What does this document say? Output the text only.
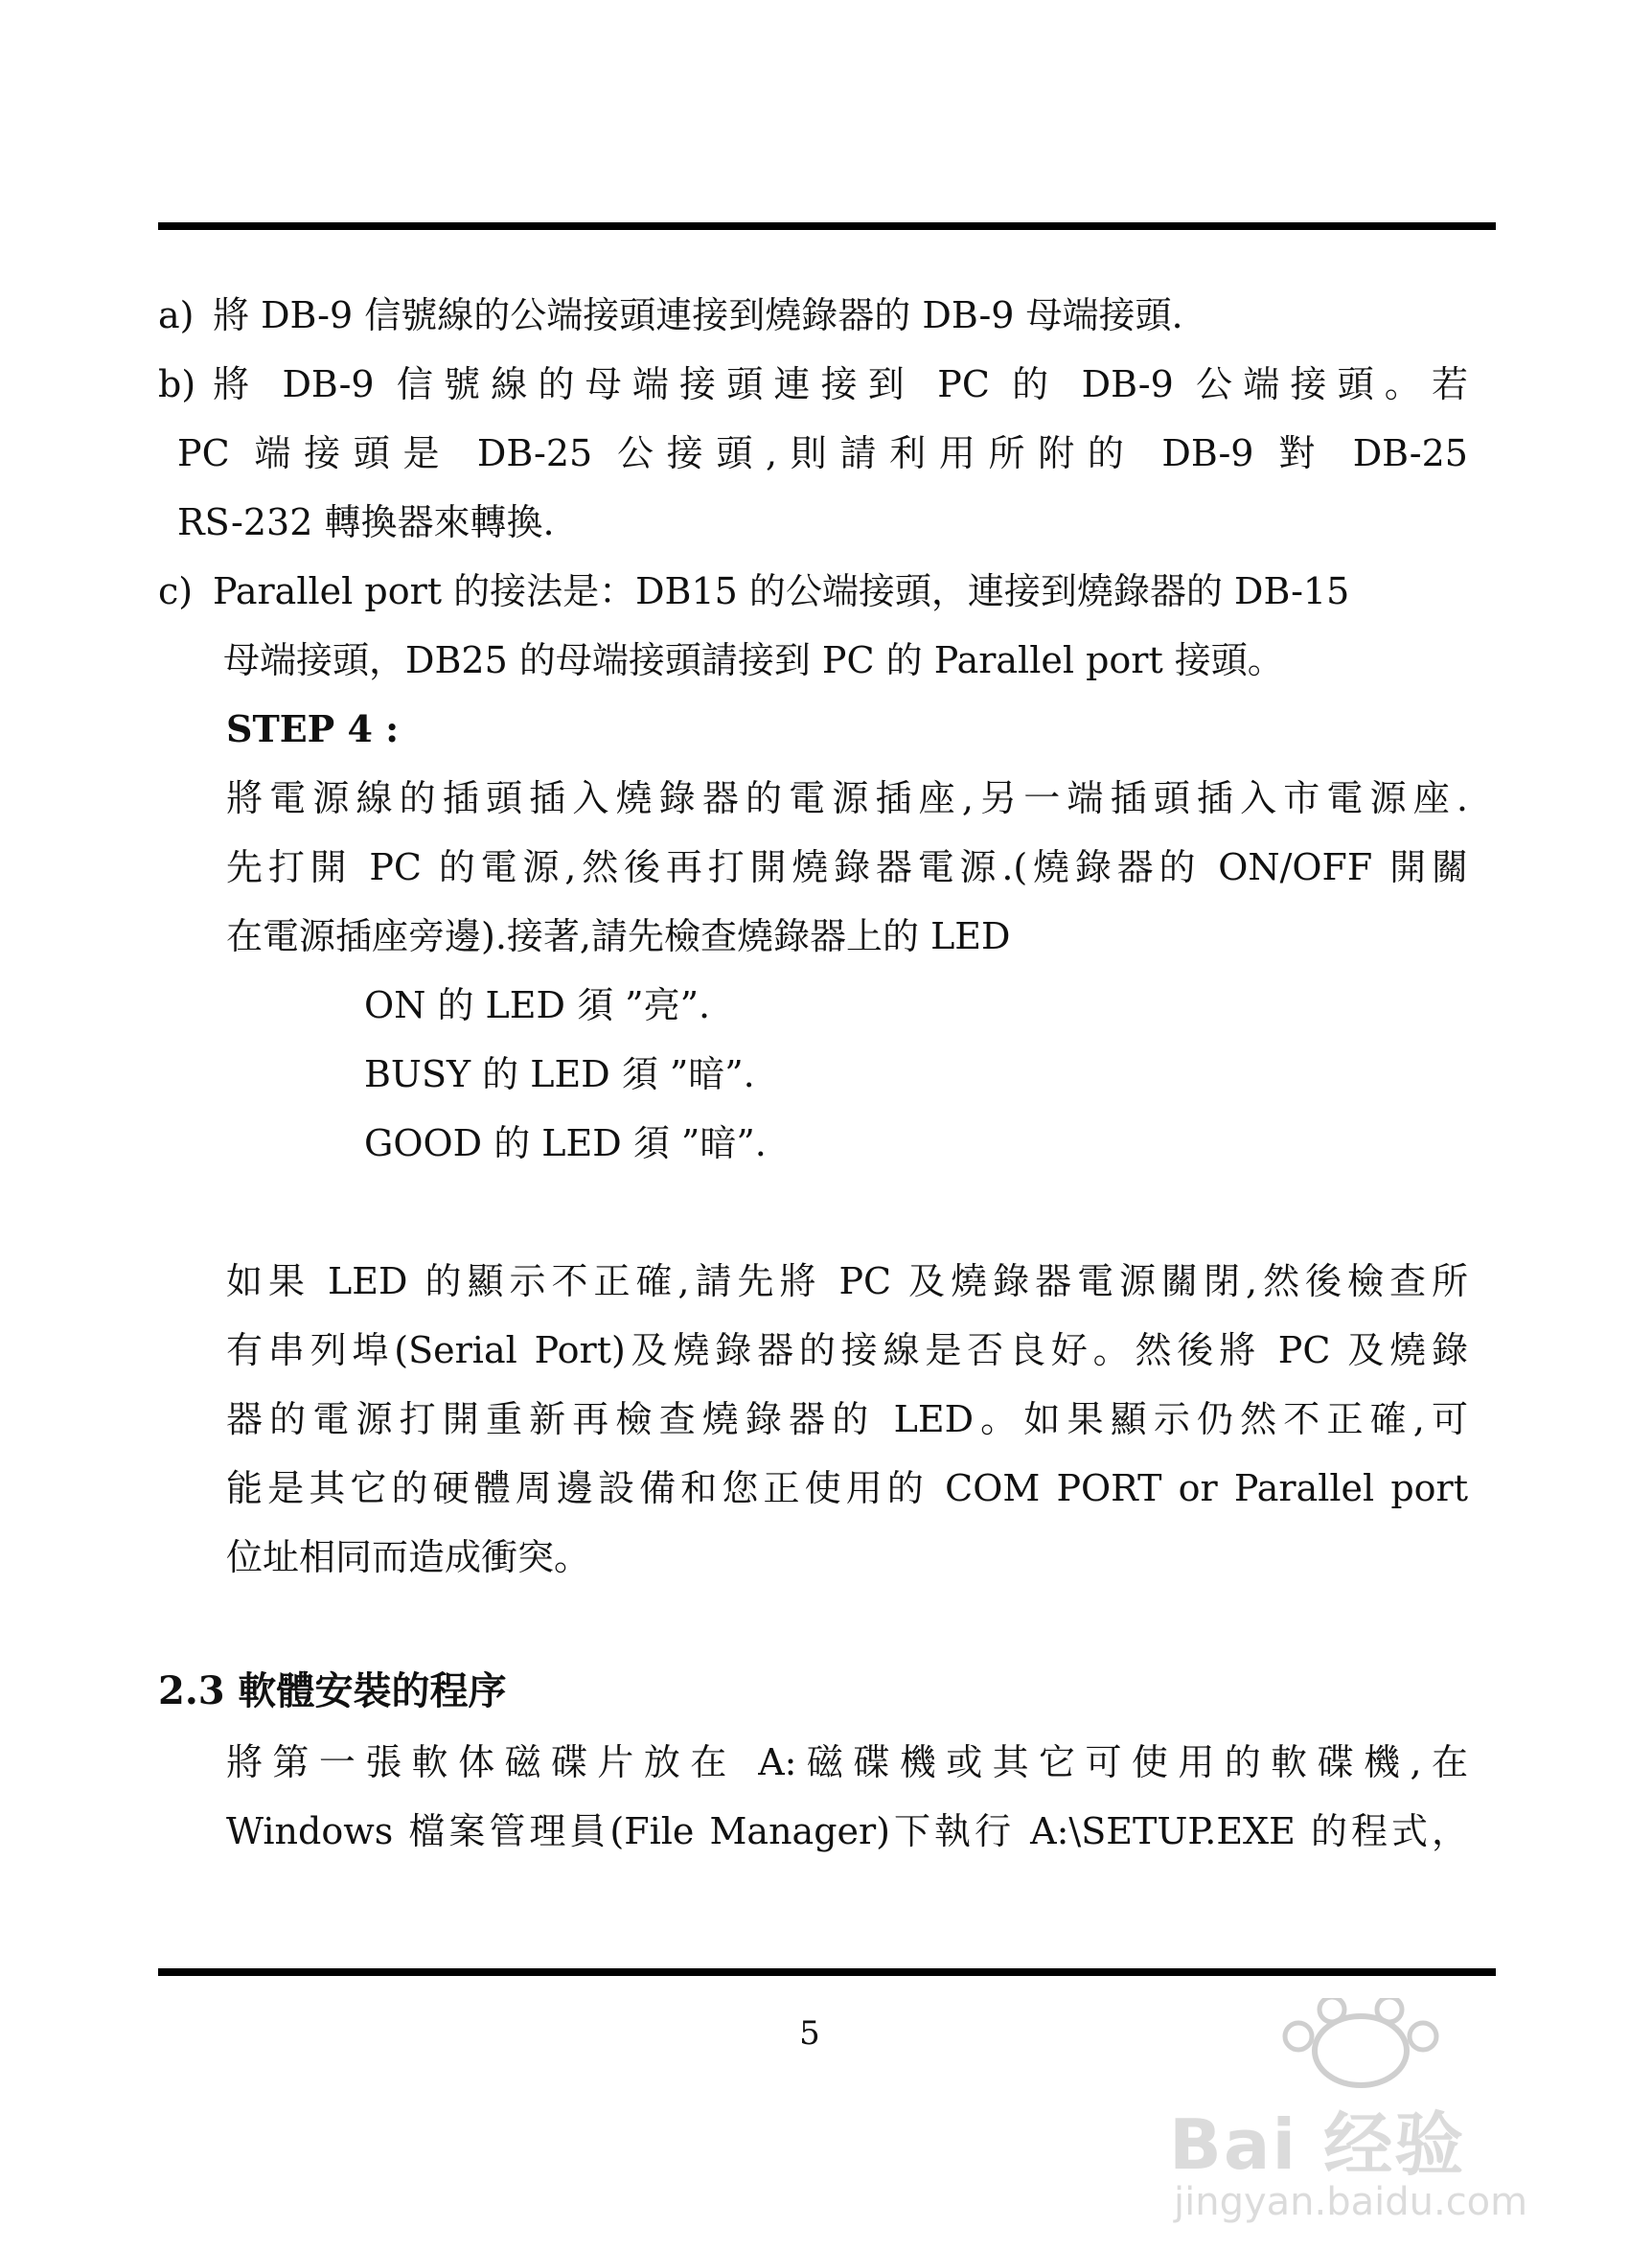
a) 將 DB-9 信號線的公端接頭連接到燒錄器的 DB-9 母端接頭.
b) 將 DB-9 信號線的母端接頭連接到 PC 的 DB-9 公端接頭。若
PC 端接頭是 DB-25 公接頭,則請利用所附的 DB-9 對 DB-25
RS-232 轉換器來轉換.
c) Parallel port 的接法是：DB15 的公端接頭，連接到燒錄器的 DB-15
母端接頭，DB25 的母端接頭請接到 PC 的 Parallel port 接頭。
STEP 4 :
將電源線的插頭插入燒錄器的電源插座,另一端插頭插入市電源座.
先打開 PC 的電源,然後再打開燒錄器電源.(燒錄器的 ON/OFF 開關
在電源插座旁邊).接著,請先檢查燒錄器上的 LED
ON 的 LED 須 ”亮”.
BUSY 的 LED 須 ”暗”.
GOOD 的 LED 須 ”暗”.
如果 LED 的顯示不正確,請先將 PC 及燒錄器電源關閉,然後檢查所
有串列埠(Serial Port)及燒錄器的接線是否良好。然後將 PC 及燒錄
器的電源打開重新再檢查燒錄器的 LED。如果顯示仍然不正確,可
能是其它的硬體周邊設備和您正使用的 COM PORT or Parallel port
位址相同而造成衝突。
2.3 軟體安裝的程序
將第一張軟体磁碟片放在 A:磁碟機或其它可使用的軟碟機,在
Windows 檔案管理員(File Manager)下執行 A:\SETUP.EXE 的程式，
5
Bai 经验
jingyan.baidu.com
